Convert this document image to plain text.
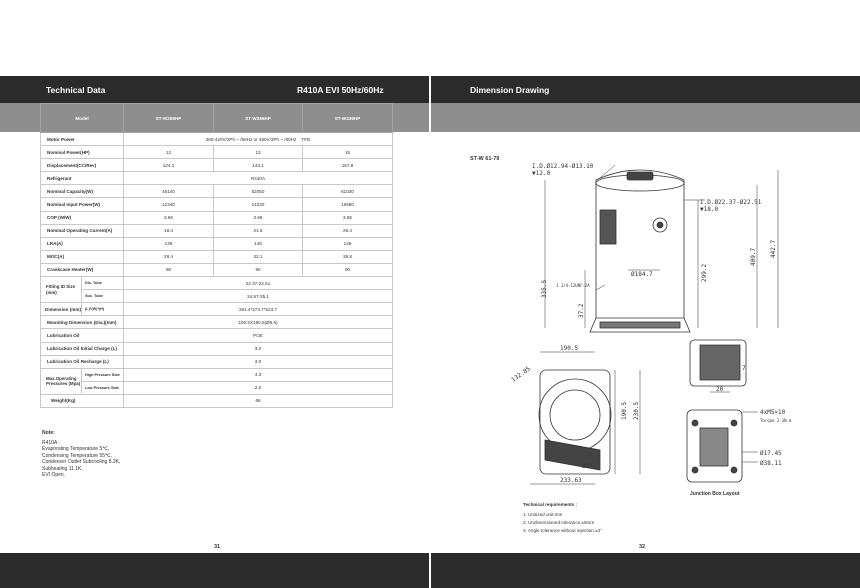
Technical Data	R410A EVI 50Hz/60Hz	Dimension Drawing
Model		ST-W258HP	ST-W286HP	ST-W336HP
Motor Power		380-420V/3Ph ~ /50Hz or 460V/3Ph ~ /60Hz TFD		
Nominal Power(HP)		12	13	15
Displacement(CC/Rev)		124.1	143.1	167.8
Refrigerant		R410A		
Nominal Capacity(W)		45140	52050	61030
Nominal Input Power(W)		12340	14230	16690
COP (W/W)		3.66	3.66	3.66
Nominal Operating Current(A)		18.4	21.6	26.4
LRA(A)		149	149	149
MOC(A)		28.4	32.1	35.8
Crankcase Heater(W)		90	90	90
Fitting ID Size (mm)	Dis. Tube	22.37-22.51		
	Suc. Tube	34.97-35.1		
Dimension (mm)	(L)*(W)*(H)	281.4*273.7*523.7		
Mounting Dimension (Dia.)(mm)		190.5X190.5(Ø8.5)		
Lubrication Oil		POE		
Lubrication Oil Initial Charge (L)		3.2		
Lubrication Oil Recharge (L)		3.0		
Max.Operating Pressures (Mpa)	High Pressure Side	4.3		
	Low Pressure Side	2.0		
Weight(Kg)		66		
Note:
R410A :
Evaporating Temperature 5℃,
Condensing Temperature 55℃,
Condenser Outlet Subcooling 8.3K,
Subheating 11.1K,
EVI Open.
ST-W 61-79
I.D.Ø12.94-Ø13.10
▼12.0
I.D.Ø22.37-Ø22.51
▼18.0
Ø184.7
1 1/4-12UNF-2A
335.5
299.2
409.7 442.7
37.2
190.5
132.85
190.5 230.5
31°
233.63
20
7
4xM5×10
Torque 2-3N.m
Ø17.45
Ø38.11
Junction Box Layout
Technical requirements :
1. Unsized unit:mm
2. Undimensioned tolerance:±5mm
3. Angle tolerance without injection:±3°
31	32
